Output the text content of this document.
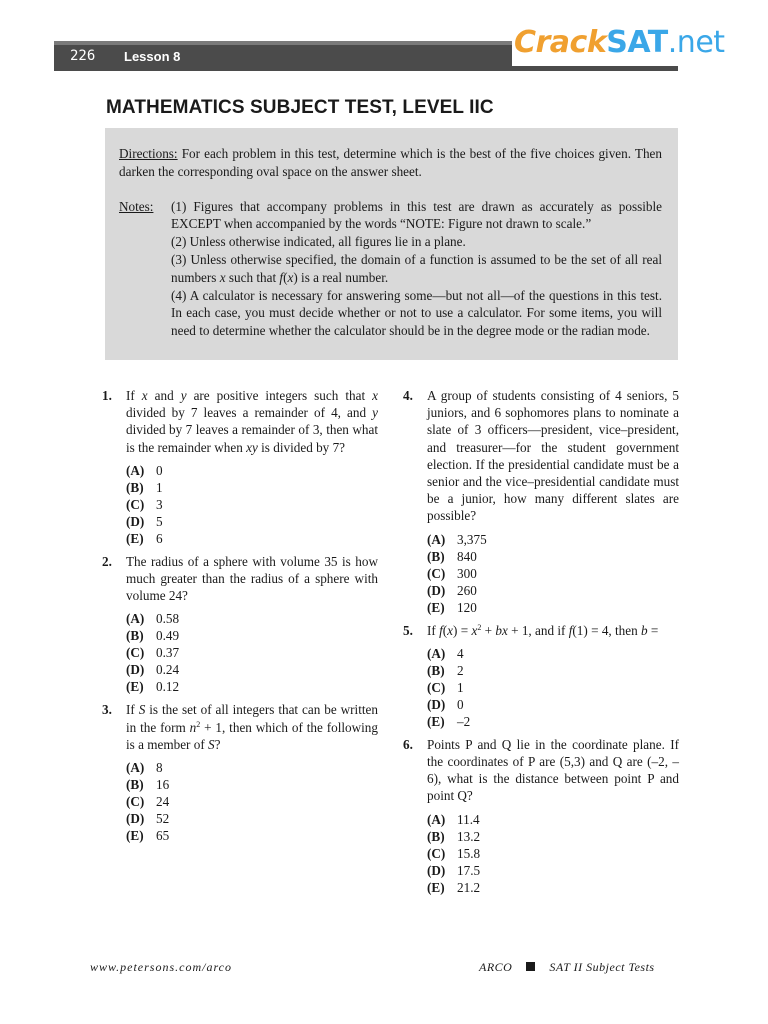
226 Lesson 8	CrackSAT.net
MATHEMATICS SUBJECT TEST, LEVEL IIC

Directions: For each problem in this test, determine which is the best of the five choices given. Then darken the corresponding oval space on the answer sheet.

Notes:	(1) Figures that accompany problems in this test are drawn as accurately as possible EXCEPT when accompanied by the words “NOTE: Figure not drawn to scale.”

(2) Unless otherwise indicated, all figures lie in a plane.

(3) Unless otherwise specified, the domain of a function is assumed to be the set of all real numbers x such that f(x) is a real number.

(4) A calculator is necessary for answering some—but not all—of the questions in this test. In each case, you must decide whether or not to use a calculator. For some items, you will need to determine whether the calculator should be in the degree mode or the radian mode.

1.	If x and y are positive integers such that x divided by 7 leaves a remainder of 4, and y divided by 7 leaves a remainder of 3, then what is the remainder when xy is divided by 7?

(A) 0
(B) 1
(C) 3
(D) 5
(E) 6
2.	The radius of a sphere with volume 35 is how much greater than the radius of a sphere with volume 24?

(A) 0.58
(B) 0.49
(C) 0.37
(D) 0.24
(E) 0.12
3.	If S is the set of all integers that can be written in the form $n^2 + 1$, then which of the following is a member of S?

(A) 8
(B) 16
(C) 24
(D) 52
(E) 65
4.	A group of students consisting of 4 seniors, 5 juniors, and 6 sophomores plans to nominate a slate of 3 officers—president, vice–president, and treasurer—for the student government election. If the presidential candidate must be a senior and the vice–presidential candidate must be a junior, how many different slates are possible?

(A) 3,375
(B) 840
(C) 300
(D) 260
(E) 120
5.	If $f(x) = x^2$ + bx + 1, and if f(1) = 4, then b =

(A) 4
(B) 2
(C) 1
(D) 0
(E) –2
6.	Points P and Q lie in the coordinate plane. If the coordinates of P are (5,3) and Q are (–2, –6), what is the distance between point P and point Q?

(A) 11.4
(B) 13.2
(C) 15.8
(D) 17.5
(E) 21.2
www.petersons.com/arco	ARCO	SAT II Subject Tests
